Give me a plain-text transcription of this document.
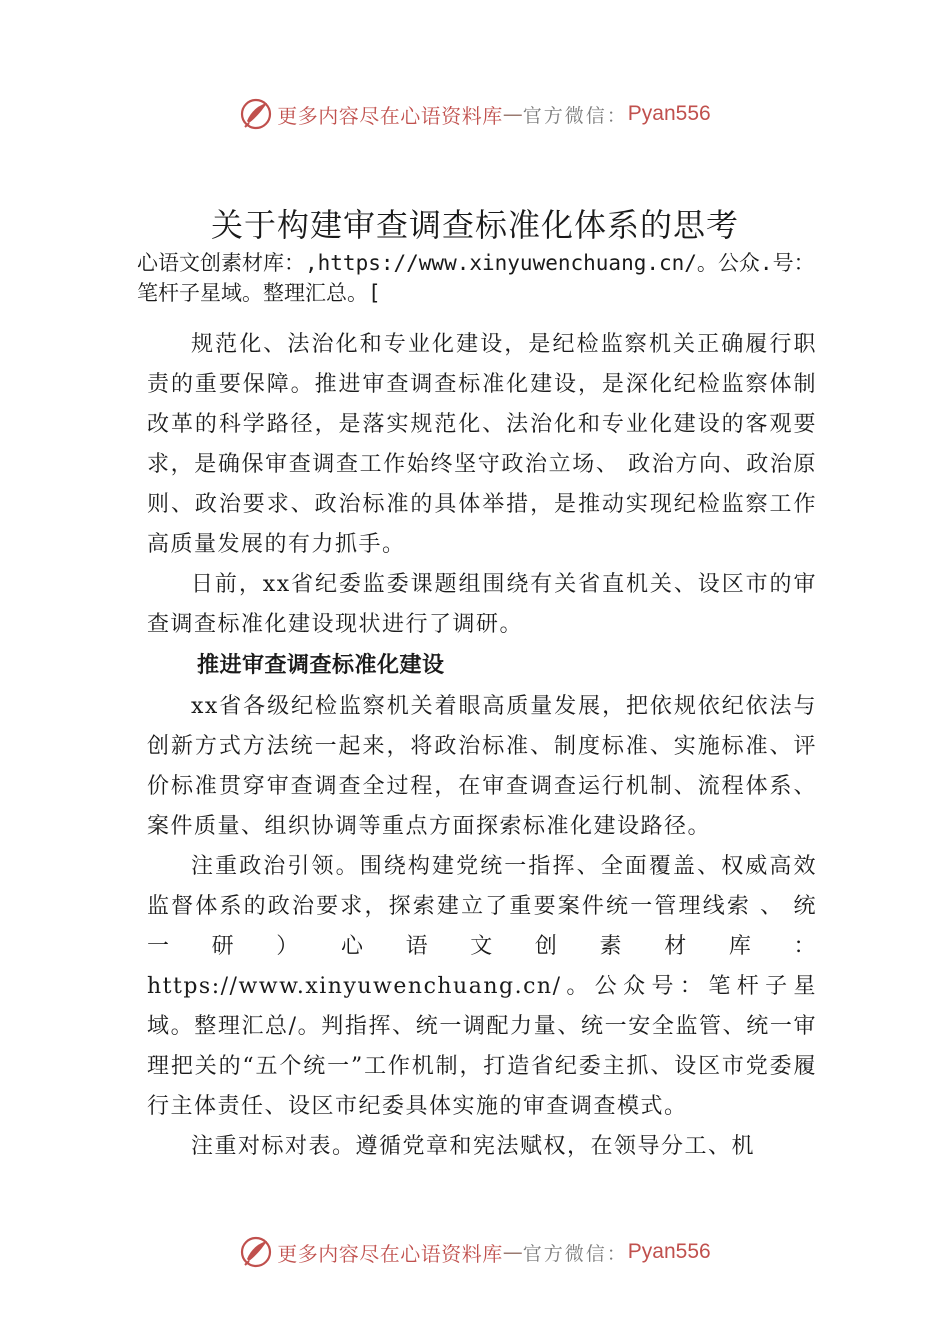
更多内容尽在心语资料库 — 官方微信： Pyan556
关于构建审查调查标准化体系的思考

心语文创素材库：,https://www.xinyuwenchuang.cn/。公众.号：笔杆子星域。整理汇总。[

规范化、法治化和专业化建设，是纪检监察机关正确履行职责的重要保障。推进审查调查标准化建设，是深化纪检监察体制改革的科学路径，是落实规范化、法治化和专业化建设的客观要求，是确保审查调查工作始终坚守政治立场、 政治方向、政治原则、政治要求、政治标准的具体举措，是推动实现纪检监察工作高质量发展的有力抓手。

日前，xx省纪委监委课题组围绕有关省直机关、设区市的审查调查标准化建设现状进行了调研。

推进审查调查标准化建设

xx省各级纪检监察机关着眼高质量发展，把依规依纪依法与创新方式方法统一起来，将政治标准、制度标准、实施标准、评价标准贯穿审查调查全过程，在审查调查运行机制、流程体系、案件质量、组织协调等重点方面探索标准化建设路径。

注重政治引领。围绕构建党统一指挥、全面覆盖、权威高效监督体系的政治要求，探索建立了重要案件统一管理线索 、 统 一 研 ） 心 语 文 创 素 材 库 ： https://www.xinyuwenchuang.cn/。公众号：笔杆子星域。整理汇总/。判指挥、统一调配力量、统一安全监管、统一审理把关的“五个统一”工作机制，打造省纪委主抓、设区市党委履行主体责任、设区市纪委具体实施的审查调查模式。

注重对标对表。遵循党章和宪法赋权，在领导分工、机

更多内容尽在心语资料库 — 官方微信： Pyan556
